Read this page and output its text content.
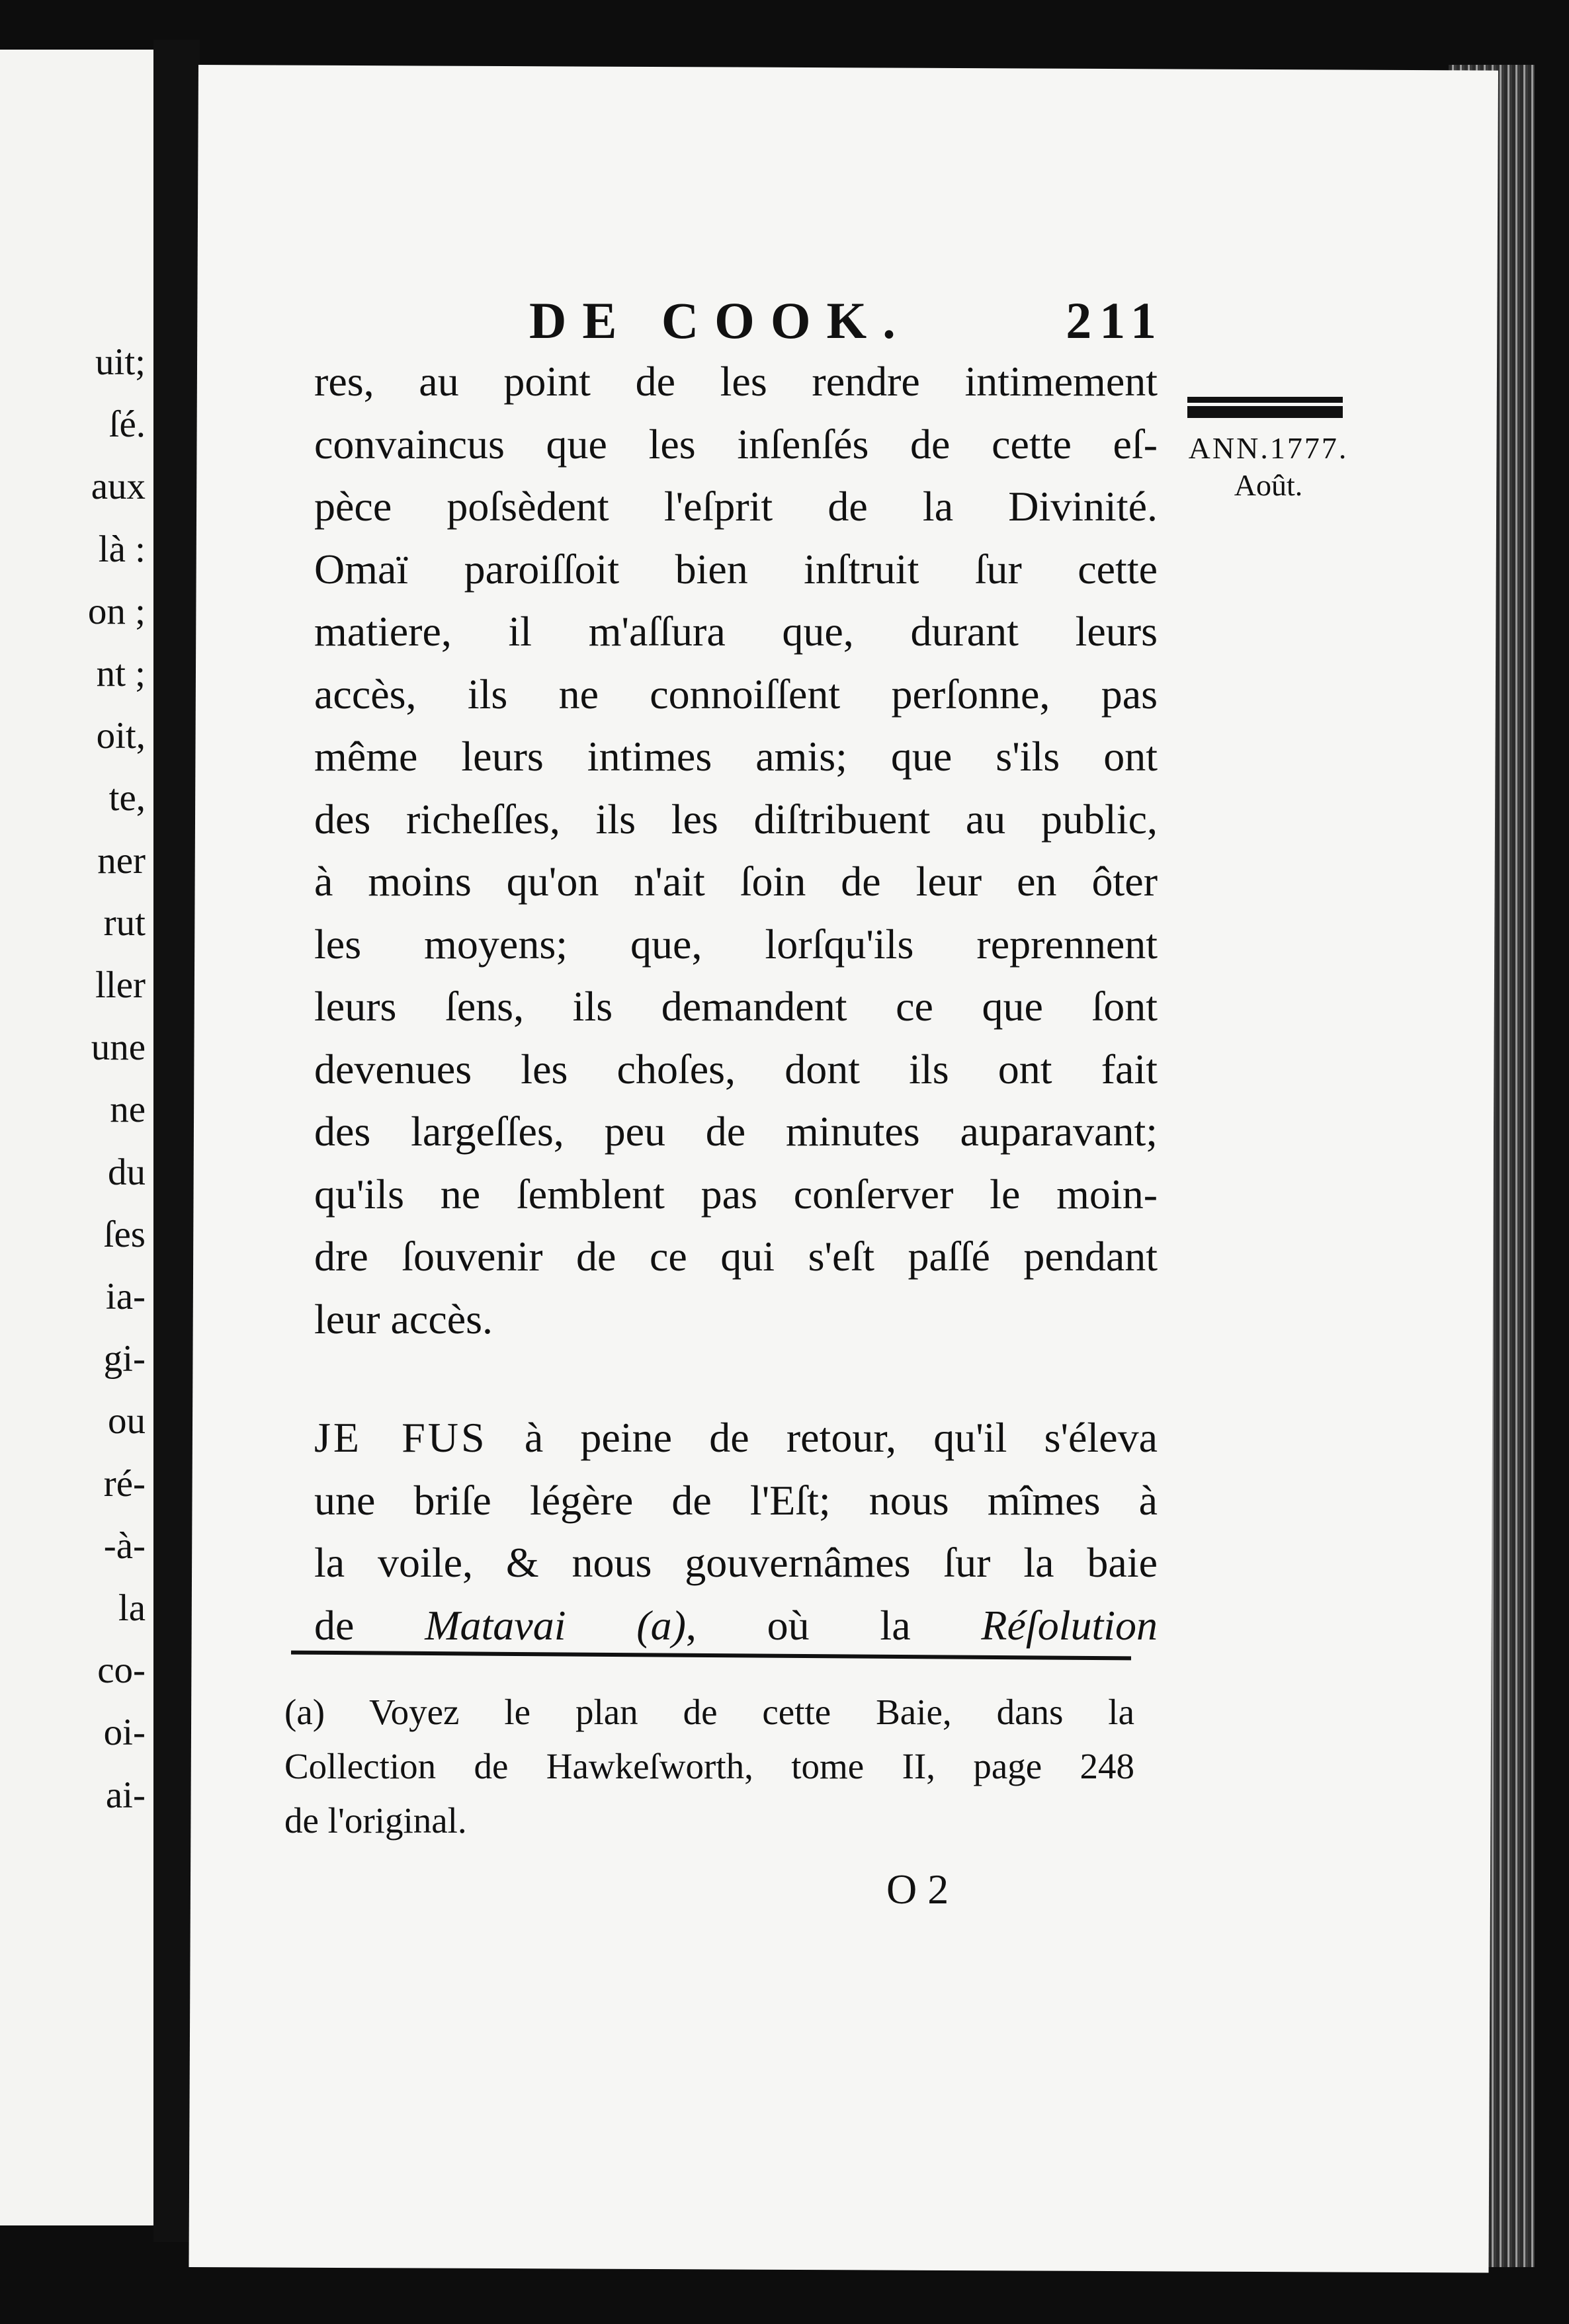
uit;
ſé.
aux
là :
on ;
nt ;
oit,
te,
ner
rut
ller
une
ne
du
ſes
ia-
gi-
ou
ré-
-à-
la
co-
oi-
ai-
DE COOK.	211
ANN.1777.
Août.
res, au point de les rendre intimement
convaincus que les inſenſés de cette eſ-
pèce poſsèdent l'eſprit de la Divinité.
Omaï paroiſſoit bien inſtruit ſur cette
matiere, il m'aſſura que, durant leurs
accès, ils ne connoiſſent perſonne, pas
même leurs intimes amis; que s'ils ont
des richeſſes, ils les diſtribuent au public,
à moins qu'on n'ait ſoin de leur en ôter
les moyens; que, lorſqu'ils reprennent
leurs ſens, ils demandent ce que ſont
devenues les choſes, dont ils ont fait
des largeſſes, peu de minutes auparavant;
qu'ils ne ſemblent pas conſerver le moin-
dre ſouvenir de ce qui s'eſt paſſé pendant
leur accès.
JE FUS à peine de retour, qu'il s'éleva
une briſe légère de l'Eſt; nous mîmes à
la voile, & nous gouvernâmes ſur la baie
de Matavai (a), où la Réſolution
(a) Voyez le plan de cette Baie, dans la
Collection de Hawkeſworth, tome II, page 248
de l'original.
O 2
